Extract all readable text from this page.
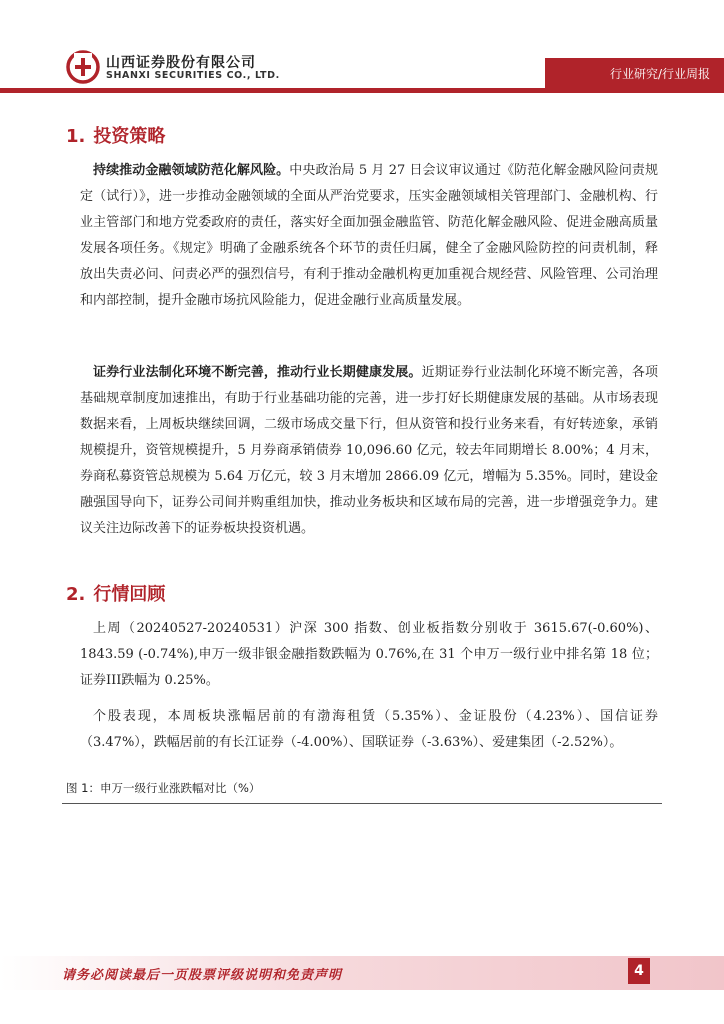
山西证券股份有限公司
SHANXI SECURITIES CO., LTD.	行业研究/行业周报
1. 投资策略

持续推动金融领域防范化解风险。中央政治局 5 月 27 日会议审议通过《防范化解金融风险问责规定（试行）》，进一步推动金融领域的全面从严治党要求，压实金融领域相关管理部门、金融机构、行业主管部门和地方党委政府的责任，落实好全面加强金融监管、防范化解金融风险、促进金融高质量发展各项任务。《规定》明确了金融系统各个环节的责任归属，健全了金融风险防控的问责机制，释放出失责必问、问责必严的强烈信号，有利于推动金融机构更加重视合规经营、风险管理、公司治理和内部控制，提升金融市场抗风险能力，促进金融行业高质量发展。

证券行业法制化环境不断完善，推动行业长期健康发展。近期证券行业法制化环境不断完善，各项基础规章制度加速推出，有助于行业基础功能的完善，进一步打好长期健康发展的基础。从市场表现数据来看，上周板块继续回调，二级市场成交量下行，但从资管和投行业务来看，有好转迹象，承销规模提升，资管规模提升，5 月券商承销债券 10,096.60 亿元，较去年同期增长 8.00%；4 月末，券商私募资管总规模为 5.64 万亿元，较 3 月末增加 2866.09 亿元，增幅为 5.35%。同时，建设金融强国导向下，证券公司间并购重组加快，推动业务板块和区域布局的完善，进一步增强竞争力。建议关注边际改善下的证券板块投资机遇。

2. 行情回顾

上周（20240527-20240531）沪深 300 指数、创业板指数分别收于 3615.67(-0.60%)、1843.59 (-0.74%),申万一级非银金融指数跌幅为 0.76%,在 31 个申万一级行业中排名第 18 位；证券III跌幅为 0.25%。

个股表现，本周板块涨幅居前的有渤海租赁（5.35%）、金证股份（4.23%）、国信证券（3.47%），跌幅居前的有长江证券（-4.00%）、国联证券（-3.63%）、爱建集团（-2.52%）。

图 1：申万一级行业涨跌幅对比（%）
请务必阅读最后一页股票评级说明和免责声明	4
